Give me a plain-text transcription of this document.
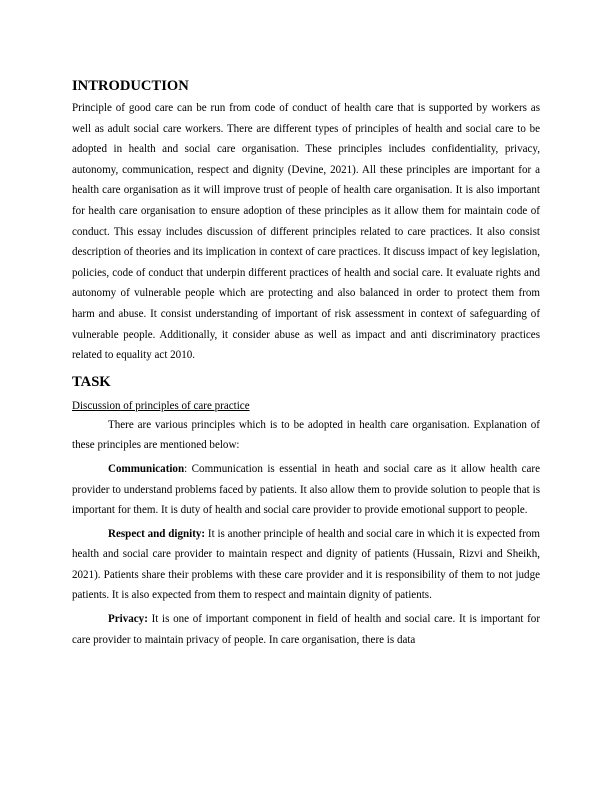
INTRODUCTION

Principle of good care can be run from code of conduct of health care that is supported by workers as well as adult social care workers. There are different types of principles of health and social care to be adopted in health and social care organisation. These principles includes confidentiality, privacy, autonomy, communication, respect and dignity (Devine, 2021). All these principles are important for a health care organisation as it will improve trust of people of health care organisation. It is also important for health care organisation to ensure adoption of these principles as it allow them for maintain code of conduct. This essay includes discussion of different principles related to care practices. It also consist description of theories and its implication in context of care practices. It discuss impact of key legislation, policies, code of conduct that underpin different practices of health and social care. It evaluate rights and autonomy of vulnerable people which are protecting and also balanced in order to protect them from harm and abuse. It consist understanding of important of risk assessment in context of safeguarding of vulnerable people. Additionally, it consider abuse as well as impact and anti discriminatory practices related to equality act 2010.

TASK

Discussion of principles of care practice

There are various principles which is to be adopted in health care organisation. Explanation of these principles are mentioned below:

Communication: Communication is essential in heath and social care as it allow health care provider to understand problems faced by patients. It also allow them to provide solution to people that is important for them. It is duty of health and social care provider to provide emotional support to people.

Respect and dignity: It is another principle of health and social care in which it is expected from health and social care provider to maintain respect and dignity of patients (Hussain, Rizvi and Sheikh, 2021). Patients share their problems with these care provider and it is responsibility of them to not judge patients. It is also expected from them to respect and maintain dignity of patients.

Privacy: It is one of important component in field of health and social care. It is important for care provider to maintain privacy of people. In care organisation, there is data
